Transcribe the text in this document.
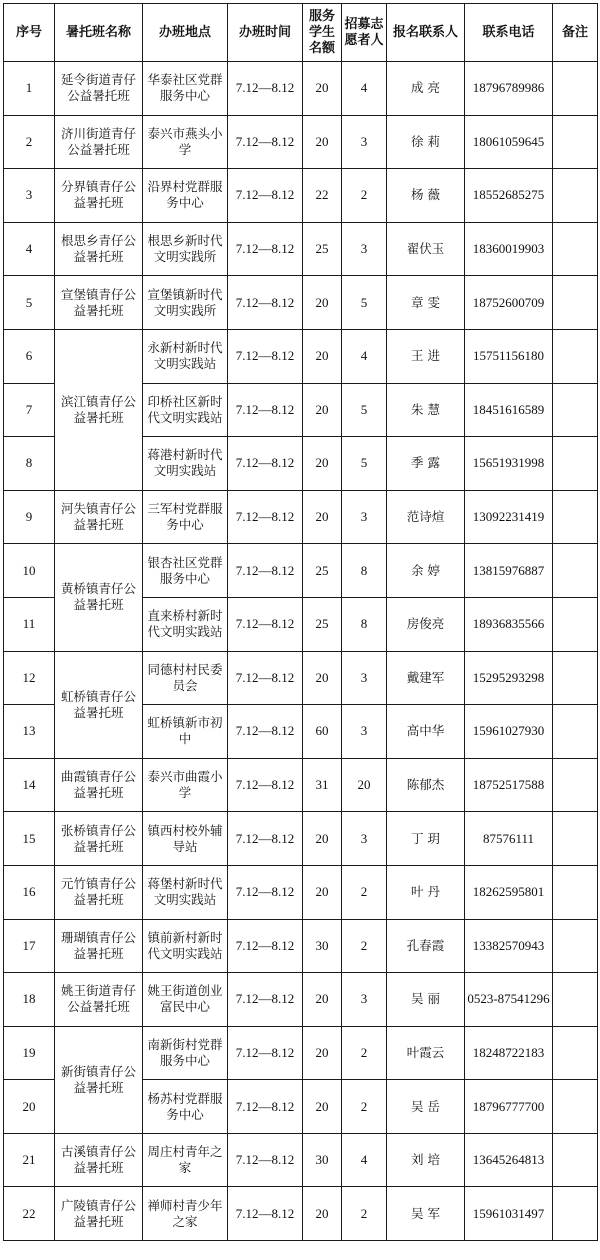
序号	暑托班名称	办班地点	办班时间	服务学生名额	招募志愿者人	报名联系人	联系电话	备注
1	延令街道青仔公益暑托班	华泰社区党群服务中心	7.12—8.12	20	4	成 亮	18796789986	
2	济川街道青仔公益暑托班	泰兴市燕头小学	7.12—8.12	20	3	徐 莉	18061059645	
3	分界镇青仔公益暑托班	沿界村党群服务中心	7.12—8.12	22	2	杨 薇	18552685275	
4	根思乡青仔公益暑托班	根思乡新时代文明实践所	7.12—8.12	25	3	翟伏玉	18360019903	
5	宣堡镇青仔公益暑托班	宣堡镇新时代文明实践所	7.12—8.12	20	5	章 雯	18752600709	
6	滨江镇青仔公益暑托班	永新村新时代文明实践站	7.12—8.12	20	4	王 进	15751156180	
7		印桥社区新时代文明实践站	7.12—8.12	20	5	朱 慧	18451616589	
8		蒋港村新时代文明实践站	7.12—8.12	20	5	季 露	15651931998	
9	河失镇青仔公益暑托班	三军村党群服务中心	7.12—8.12	20	3	范诗煊	13092231419	
10	黄桥镇青仔公益暑托班	银杏社区党群服务中心	7.12—8.12	25	8	余 婷	13815976887	
11		直来桥村新时代文明实践站	7.12—8.12	25	8	房俊亮	18936835566	
12	虹桥镇青仔公益暑托班	同德村村民委员会	7.12—8.12	20	3	戴建军	15295293298	
13		虹桥镇新市初中	7.12—8.12	60	3	高中华	15961027930	
14	曲霞镇青仔公益暑托班	泰兴市曲霞小学	7.12—8.12	31	20	陈郁杰	18752517588	
15	张桥镇青仔公益暑托班	镇西村校外辅导站	7.12—8.12	20	3	丁 玥	87576111	
16	元竹镇青仔公益暑托班	蒋堡村新时代文明实践站	7.12—8.12	20	2	叶 丹	18262595801	
17	珊瑚镇青仔公益暑托班	镇前新村新时代文明实践站	7.12—8.12	30	2	孔春霞	13382570943	
18	姚王街道青仔公益暑托班	姚王街道创业富民中心	7.12—8.12	20	3	吴 丽	0523-87541296	
19	新街镇青仔公益暑托班	南新街村党群服务中心	7.12—8.12	20	2	叶霞云	18248722183	
20		杨苏村党群服务中心	7.12—8.12	20	2	吴 岳	18796777700	
21	古溪镇青仔公益暑托班	周庄村青年之家	7.12—8.12	30	4	刘 培	13645264813	
22	广陵镇青仔公益暑托班	禅师村青少年之家	7.12—8.12	20	2	吴 军	15961031497	
